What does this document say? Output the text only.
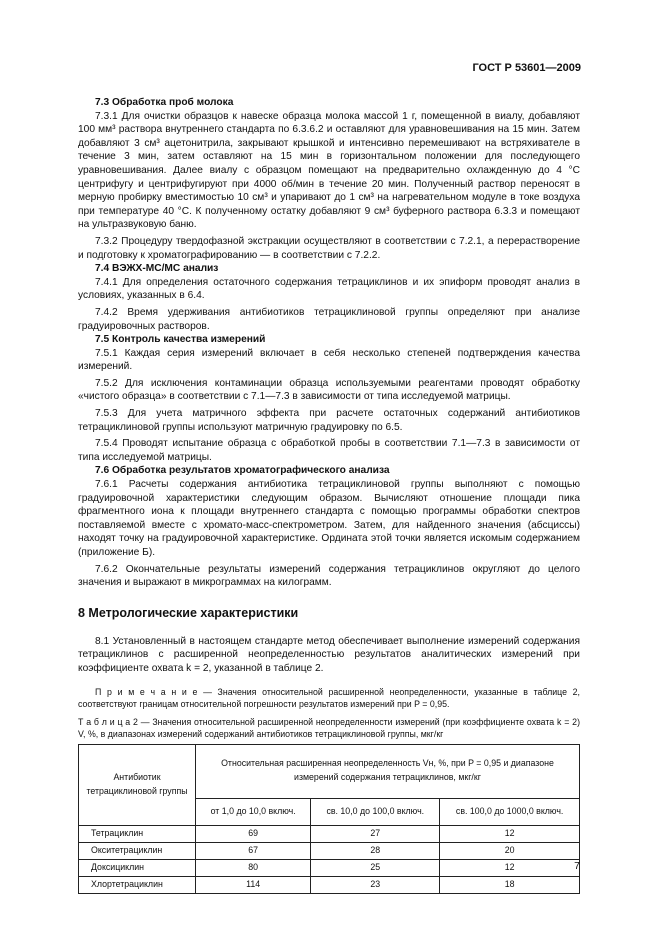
ГОСТ Р 53601—2009

7.3 Обработка проб молока

7.3.1 Для очистки образцов к навеске образца молока массой 1 г, помещенной в виалу, добавляют 100 мм³ раствора внутреннего стандарта по 6.3.6.2 и оставляют для уравновешивания на 15 мин. Затем добавляют 3 см³ ацетонитрила, закрывают крышкой и интенсивно перемешивают на встряхивателе в течение 3 мин, затем оставляют на 15 мин в горизонтальном положении для последующего уравновешивания. Далее виалу с образцом помещают на предварительно охлажденную до 4 °С центрифугу и центрифугируют при 4000 об/мин в течение 20 мин. Полученный раствор переносят в мерную пробирку вместимостью 10 см³ и упаривают до 1 см³ на нагревательном модуле в токе воздуха при температуре 40 °С. К полученному остатку добавляют 9 см³ буферного раствора 6.3.3 и помещают на ультразвуковую баню.

7.3.2 Процедуру твердофазной экстракции осуществляют в соответствии с 7.2.1, а перерастворение и подготовку к хроматографированию — в соответствии с 7.2.2.

7.4 ВЭЖХ-МС/МС анализ

7.4.1 Для определения остаточного содержания тетрациклинов и их эпиформ проводят анализ в условиях, указанных в 6.4.

7.4.2 Время удерживания антибиотиков тетрациклиновой группы определяют при анализе градуировочных растворов.

7.5 Контроль качества измерений

7.5.1 Каждая серия измерений включает в себя несколько степеней подтверждения качества измерений.

7.5.2 Для исключения контаминации образца используемыми реагентами проводят обработку «чистого образца» в соответствии с 7.1—7.3 в зависимости от типа исследуемой матрицы.

7.5.3 Для учета матричного эффекта при расчете остаточных содержаний антибиотиков тетрациклиновой группы используют матричную градуировку по 6.5.

7.5.4 Проводят испытание образца с обработкой пробы в соответствии 7.1—7.3 в зависимости от типа исследуемой матрицы.

7.6 Обработка результатов хроматографического анализа

7.6.1 Расчеты содержания антибиотика тетрациклиновой группы выполняют с помощью градуировочной характеристики следующим образом. Вычисляют отношение площади пика фрагментного иона к площади внутреннего стандарта с помощью программы обработки спектров поставляемой вместе с хромато-масс-спектрометром. Затем, для найденного значения (абсциссы) находят точку на градуировочной характеристике. Ордината этой точки является искомым содержанием (приложение Б).

7.6.2 Окончательные результаты измерений содержания тетрациклинов округляют до целого значения и выражают в микрограммах на килограмм.

8 Метрологические характеристики

8.1 Установленный в настоящем стандарте метод обеспечивает выполнение измерений содержания тетрациклинов с расширенной неопределенностью результатов аналитических измерений при коэффициенте охвата k = 2, указанной в таблице 2.

П р и м е ч а н и е — Значения относительной расширенной неопределенности, указанные в таблице 2, соответствуют границам относительной погрешности результатов измерений при P = 0,95.

Т а б л и ц а 2 — Значения относительной расширенной неопределенности измерений (при коэффициенте охвата k = 2) V, %, в диапазонах измерений содержаний антибиотиков тетрациклиновой группы, мкг/кг

Антибиотик тетрациклиновой группы	Относительная расширенная неопределенность Vн, %, при P = 0,95 и диапазоне измерений содержания тетрациклинов, мкг/кг		
	от 1,0 до 10,0 включ.	св. 10,0 до 100,0 включ.	св. 100,0 до 1000,0 включ.
Тетрациклин	69	27	12
Окситетрациклин	67	28	20
Доксициклин	80	25	12
Хлортетрациклин	114	23	18
7
